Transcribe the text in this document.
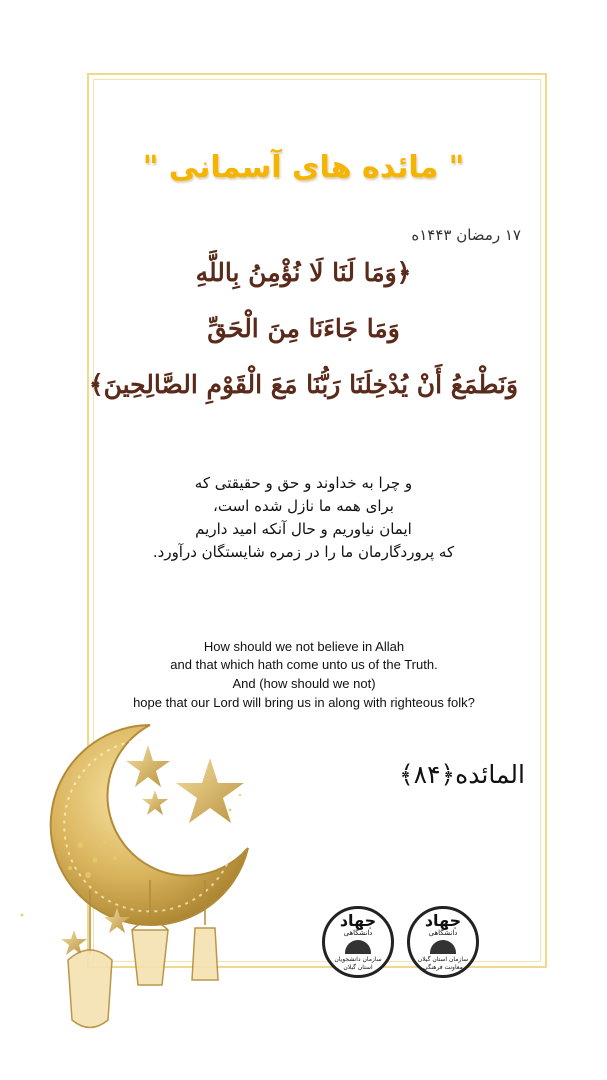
" مائده های آسمانی "
۱۷ رمضان ۱۴۴۳ه
﴿وَمَا لَنَا لَا نُؤْمِنُ بِاللَّهِ
وَمَا جَاءَنَا مِنَ الْحَقِّ
وَنَطْمَعُ أَنْ يُدْخِلَنَا رَبُّنَا مَعَ الْقَوْمِ الصَّالِحِينَ﴾
و چرا به خداوند و حق و حقیقتی که
برای همه ما نازل شده است،
ایمان نیاوریم و حال آنکه امید داریم
که پروردگارمان ما را در زمره شایستگان درآورد.
How should we not believe in Allah
and that which hath come unto us of the Truth.
And (how should we not)
hope that our Lord will bring us in along with righteous folk?
المائده﴿۸۴﴾
جهاد
دانشگاهی
سازمان دانشجویان
استان گیلان
جهاد
دانشگاهی
سازمان استان گیلان
معاونت فرهنگی
